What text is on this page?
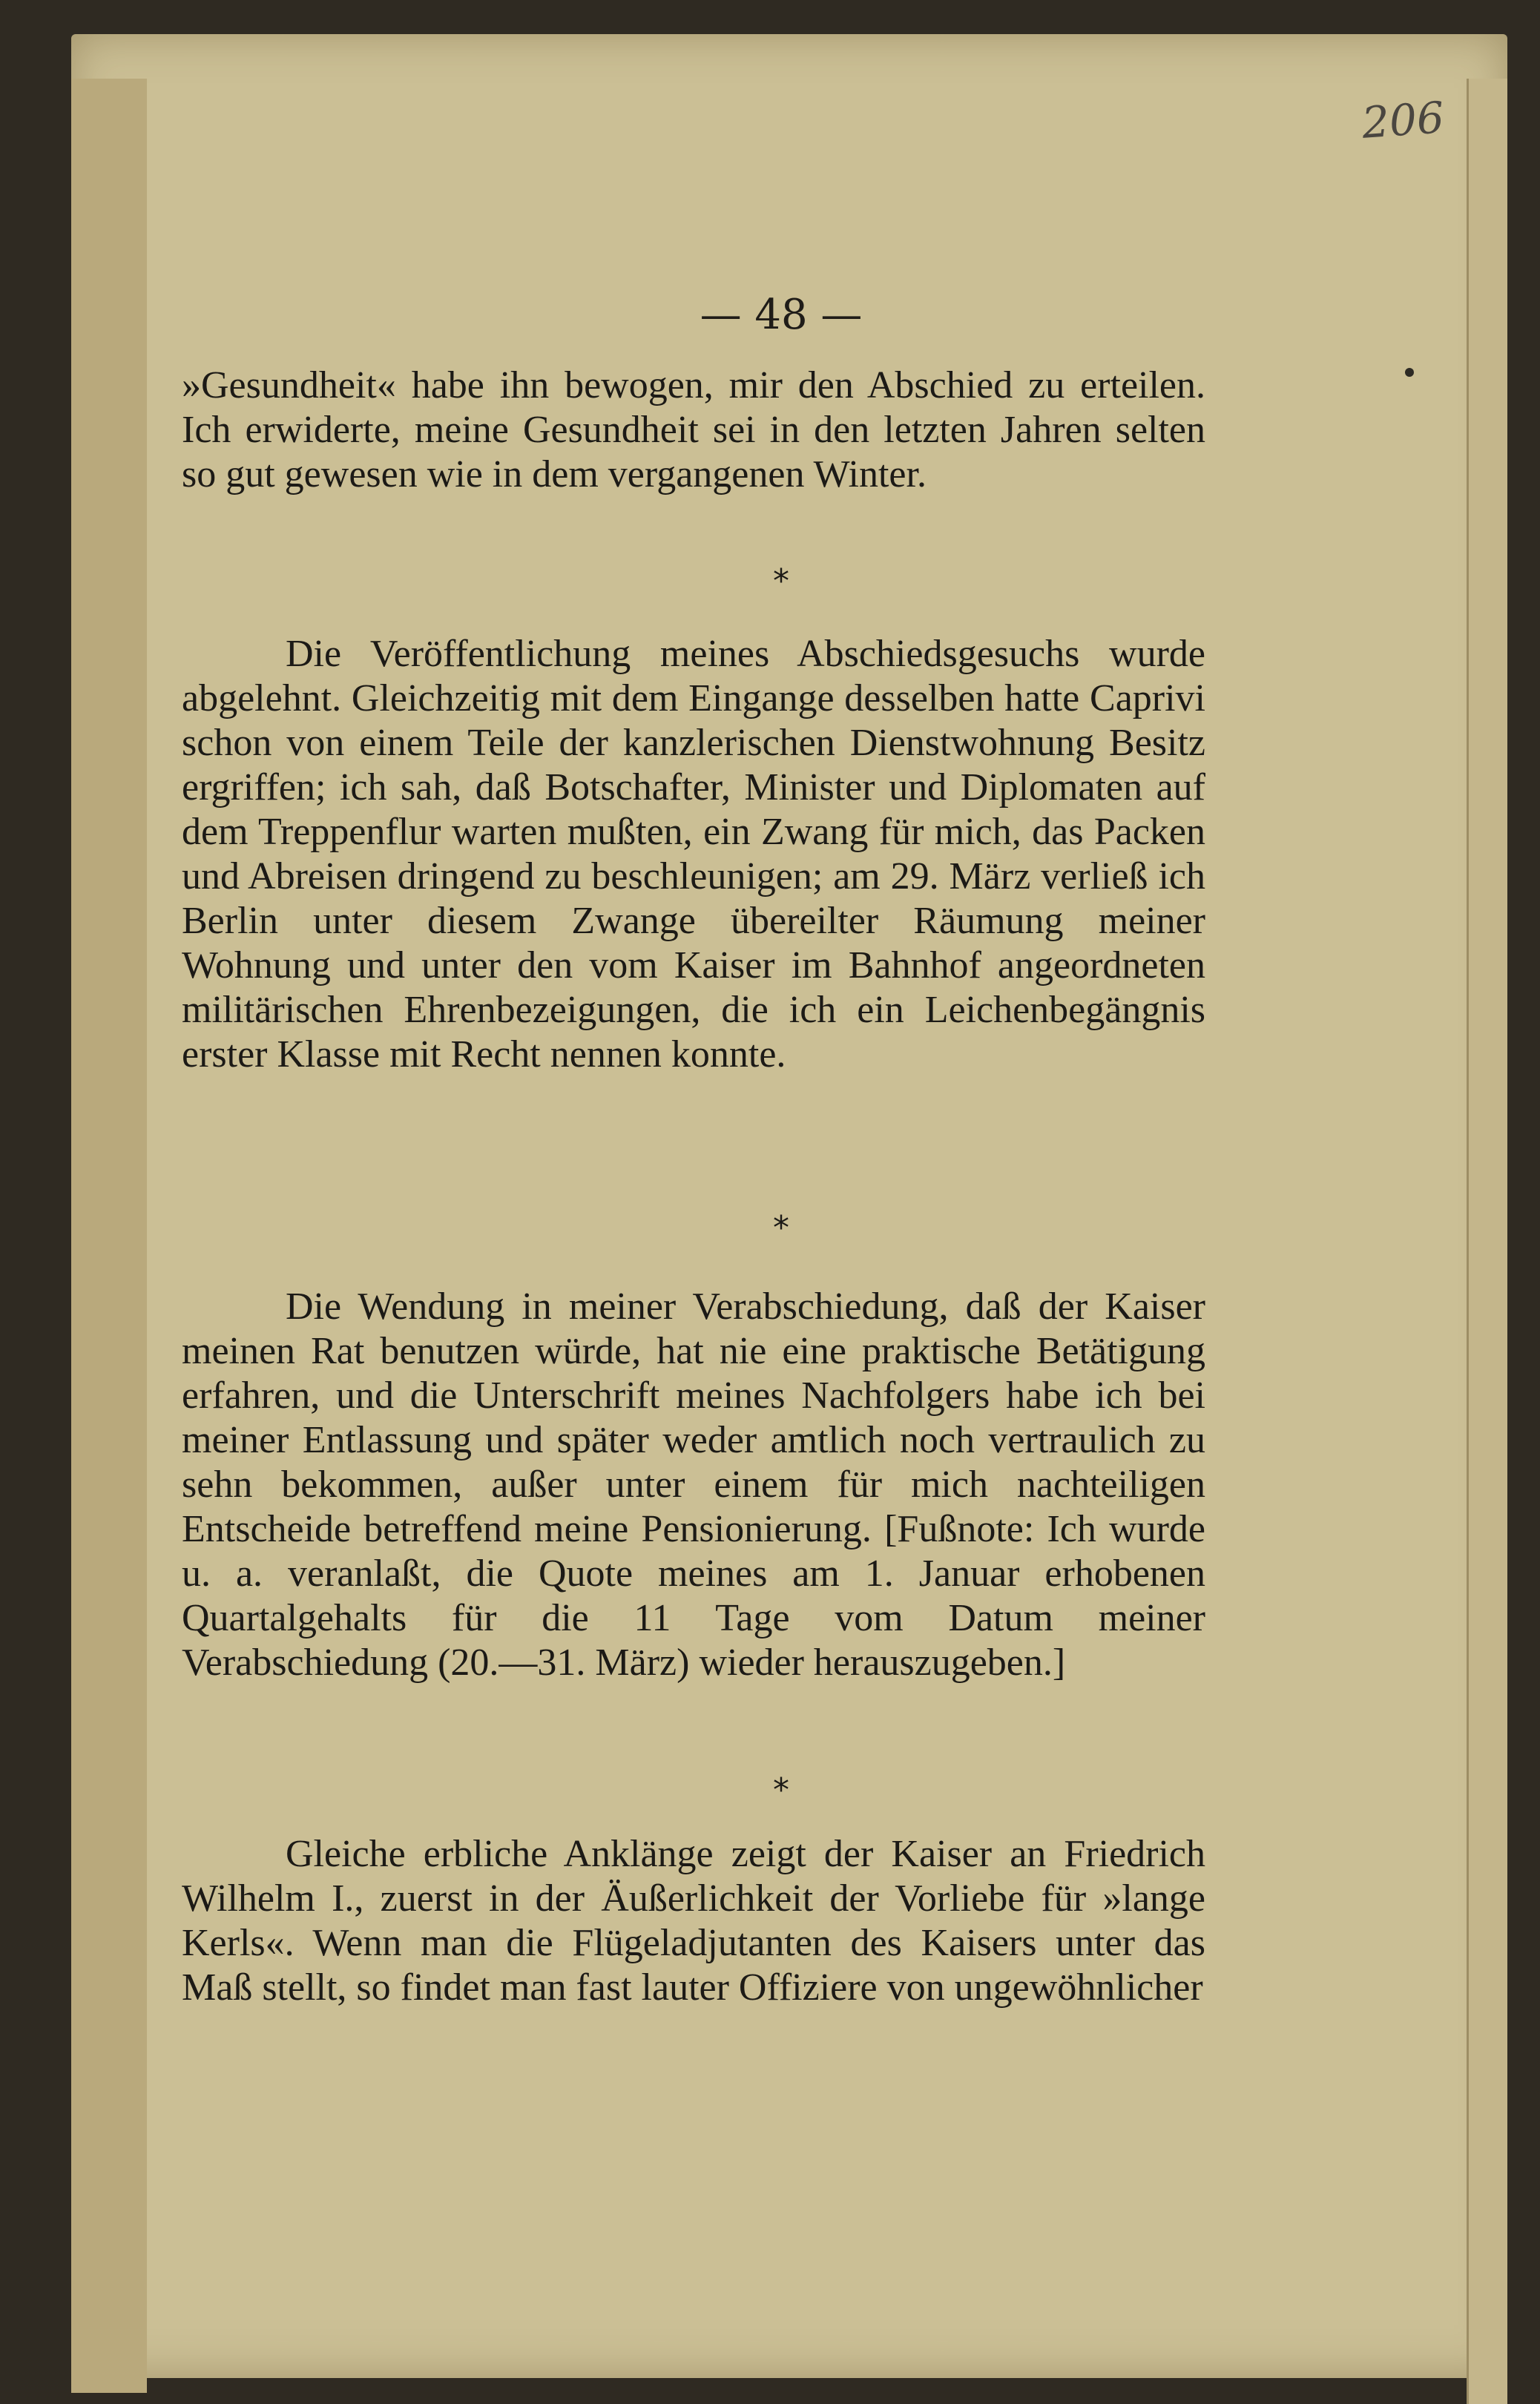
206
— 48 —
»Gesundheit« habe ihn bewogen, mir den Abschied zu erteilen. Ich erwiderte, meine Gesundheit sei in den letzten Jahren selten so gut gewesen wie in dem vergangenen Winter.
*
Die Veröffentlichung meines Abschiedsgesuchs wurde abgelehnt. Gleichzeitig mit dem Eingange desselben hatte Caprivi schon von einem Teile der kanzlerischen Dienstwohnung Besitz ergriffen; ich sah, daß Botschafter, Minister und Diplomaten auf dem Treppenflur warten mußten, ein Zwang für mich, das Packen und Abreisen dringend zu beschleunigen; am 29. März verließ ich Berlin unter diesem Zwange übereilter Räumung meiner Wohnung und unter den vom Kaiser im Bahnhof angeordneten militärischen Ehrenbezeigungen, die ich ein Leichenbegängnis erster Klasse mit Recht nennen konnte.
*
Die Wendung in meiner Verabschiedung, daß der Kaiser meinen Rat benutzen würde, hat nie eine praktische Betätigung erfahren, und die Unterschrift meines Nachfolgers habe ich bei meiner Entlassung und später weder amtlich noch vertraulich zu sehn bekommen, außer unter einem für mich nachteiligen Entscheide betreffend meine Pensionierung. [Fußnote: Ich wurde u. a. veranlaßt, die Quote meines am 1. Januar erhobenen Quartalgehalts für die 11 Tage vom Datum meiner Verabschiedung (20.—31. März) wieder herauszugeben.]
*
Gleiche erbliche Anklänge zeigt der Kaiser an Friedrich Wilhelm I., zuerst in der Äußerlichkeit der Vorliebe für »lange Kerls«. Wenn man die Flügeladjutanten des Kaisers unter das Maß stellt, so findet man fast lauter Offiziere von ungewöhnlicher
